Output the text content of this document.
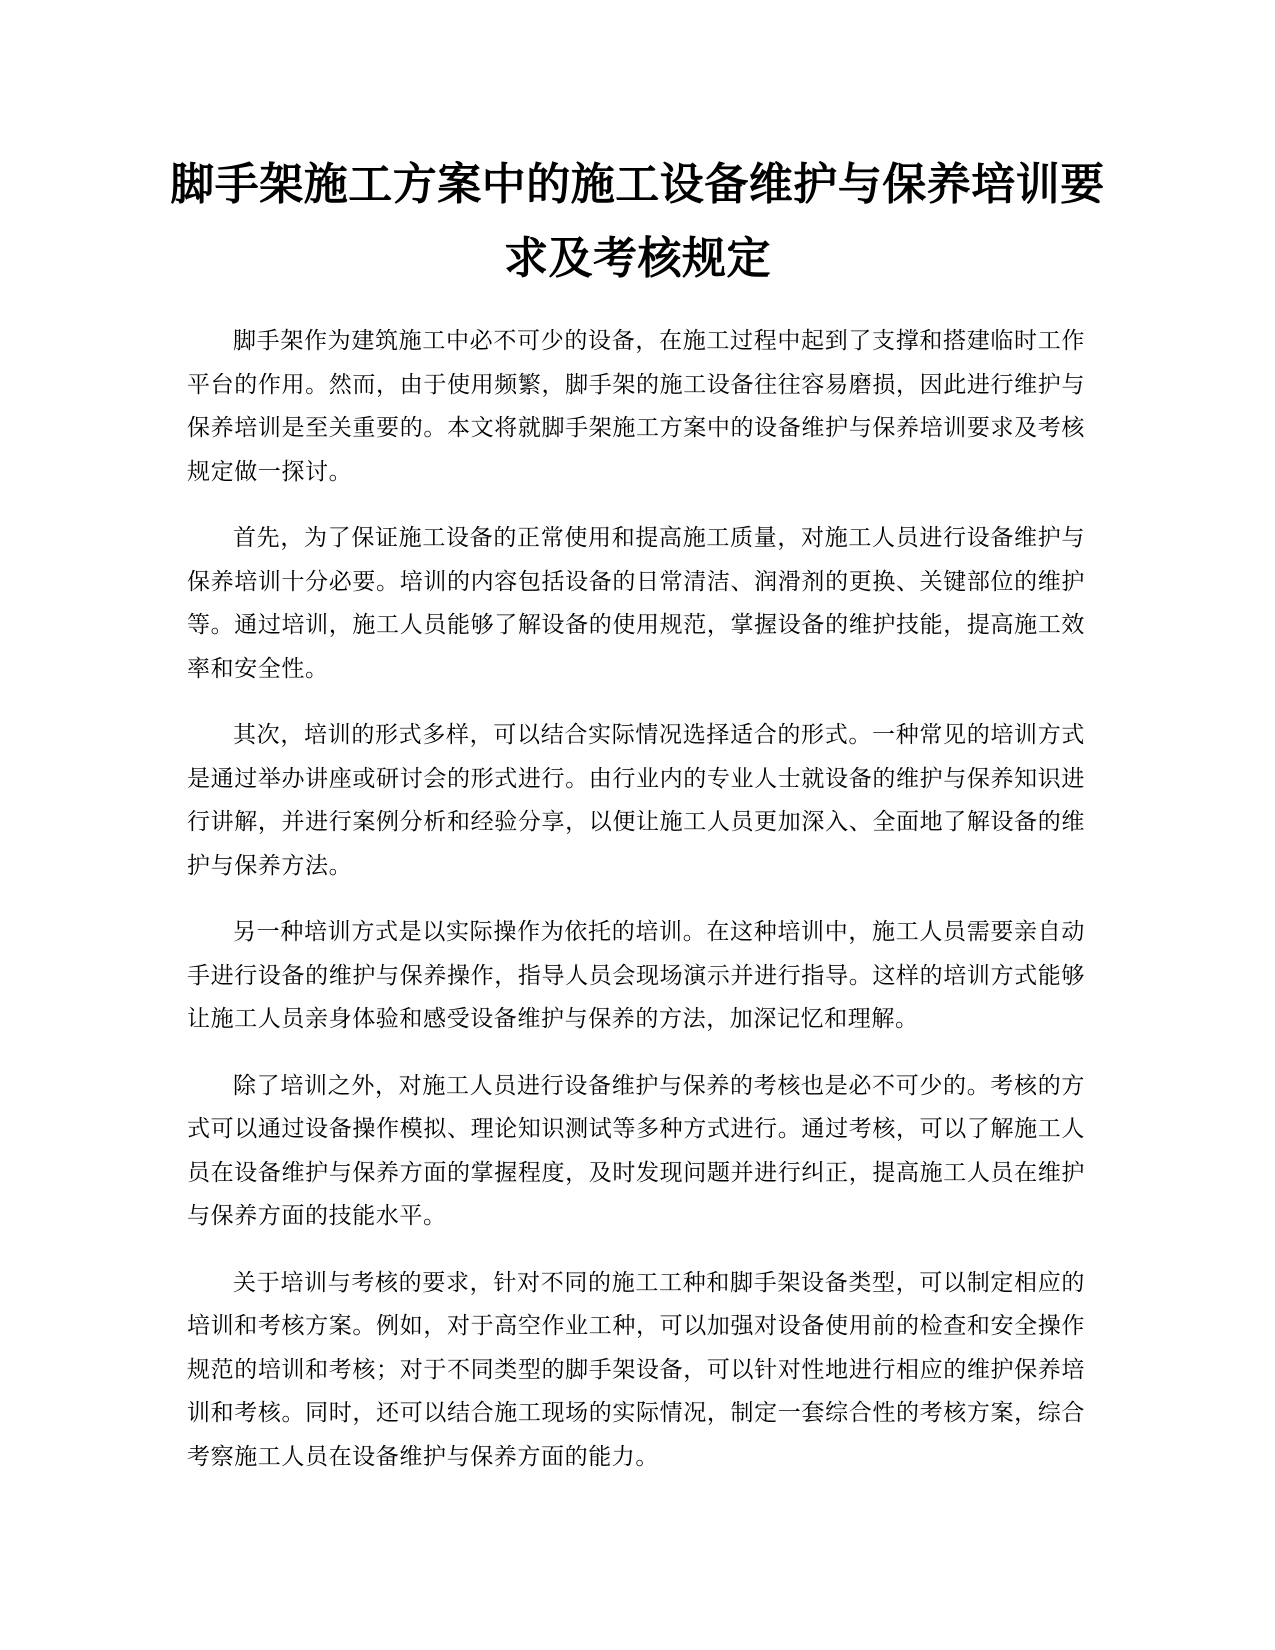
脚手架施工方案中的施工设备维护与保养培训要求及考核规定

脚手架作为建筑施工中必不可少的设备，在施工过程中起到了支撑和搭建临时工作平台的作用。然而，由于使用频繁，脚手架的施工设备往往容易磨损，因此进行维护与保养培训是至关重要的。本文将就脚手架施工方案中的设备维护与保养培训要求及考核规定做一探讨。

首先，为了保证施工设备的正常使用和提高施工质量，对施工人员进行设备维护与保养培训十分必要。培训的内容包括设备的日常清洁、润滑剂的更换、关键部位的维护等。通过培训，施工人员能够了解设备的使用规范，掌握设备的维护技能，提高施工效率和安全性。

其次，培训的形式多样，可以结合实际情况选择适合的形式。一种常见的培训方式是通过举办讲座或研讨会的形式进行。由行业内的专业人士就设备的维护与保养知识进行讲解，并进行案例分析和经验分享，以便让施工人员更加深入、全面地了解设备的维护与保养方法。

另一种培训方式是以实际操作为依托的培训。在这种培训中，施工人员需要亲自动手进行设备的维护与保养操作，指导人员会现场演示并进行指导。这样的培训方式能够让施工人员亲身体验和感受设备维护与保养的方法，加深记忆和理解。

除了培训之外，对施工人员进行设备维护与保养的考核也是必不可少的。考核的方式可以通过设备操作模拟、理论知识测试等多种方式进行。通过考核，可以了解施工人员在设备维护与保养方面的掌握程度，及时发现问题并进行纠正，提高施工人员在维护与保养方面的技能水平。

关于培训与考核的要求，针对不同的施工工种和脚手架设备类型，可以制定相应的培训和考核方案。例如，对于高空作业工种，可以加强对设备使用前的检查和安全操作规范的培训和考核；对于不同类型的脚手架设备，可以针对性地进行相应的维护保养培训和考核。同时，还可以结合施工现场的实际情况，制定一套综合性的考核方案，综合考察施工人员在设备维护与保养方面的能力。
